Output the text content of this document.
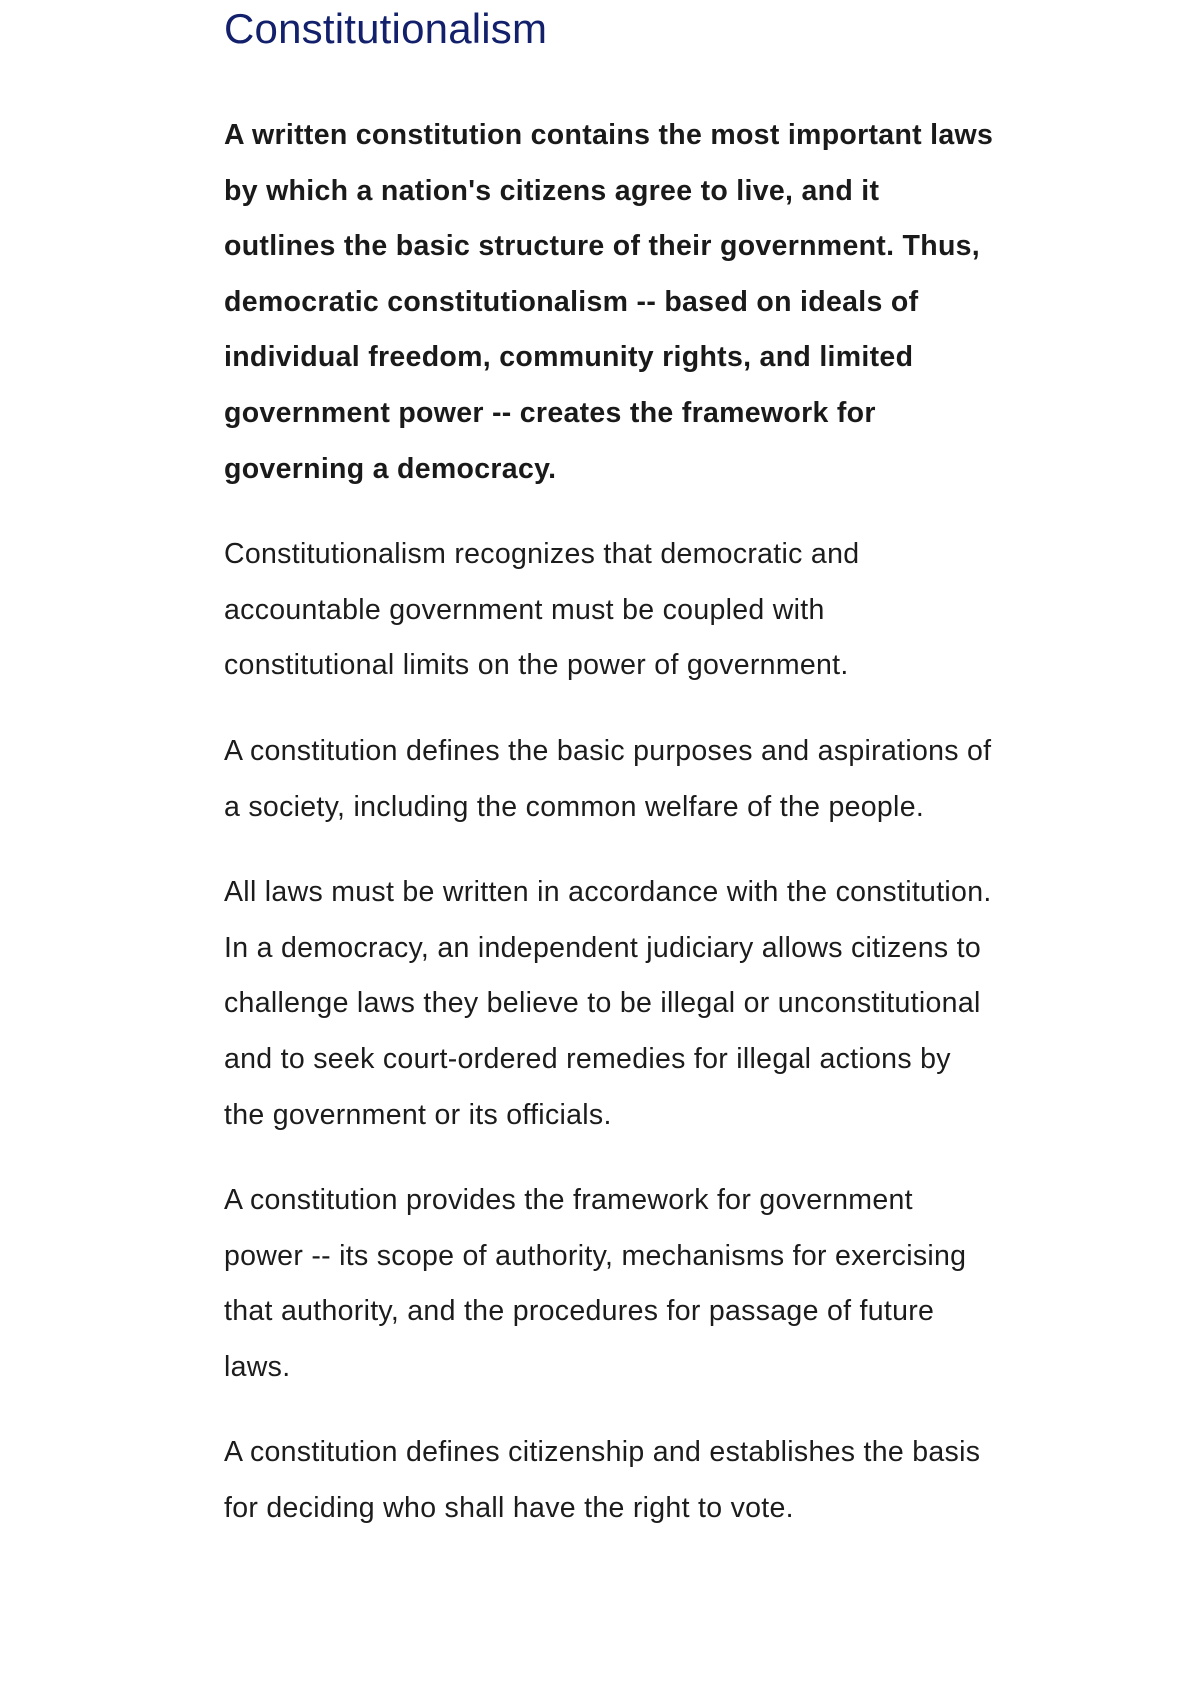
Constitutionalism

A written constitution contains the most important laws by which a nation's citizens agree to live, and it outlines the basic structure of their government. Thus, democratic constitutionalism -- based on ideals of individual freedom, community rights, and limited government power -- creates the framework for governing a democracy.

Constitutionalism recognizes that democratic and accountable government must be coupled with constitutional limits on the power of government.

A constitution defines the basic purposes and aspirations of a society, including the common welfare of the people.

All laws must be written in accordance with the constitution. In a democracy, an independent judiciary allows citizens to challenge laws they believe to be illegal or unconstitutional and to seek court-ordered remedies for illegal actions by the government or its officials.

A constitution provides the framework for government power -- its scope of authority, mechanisms for exercising that authority, and the procedures for passage of future laws.

A constitution defines citizenship and establishes the basis for deciding who shall have the right to vote.
